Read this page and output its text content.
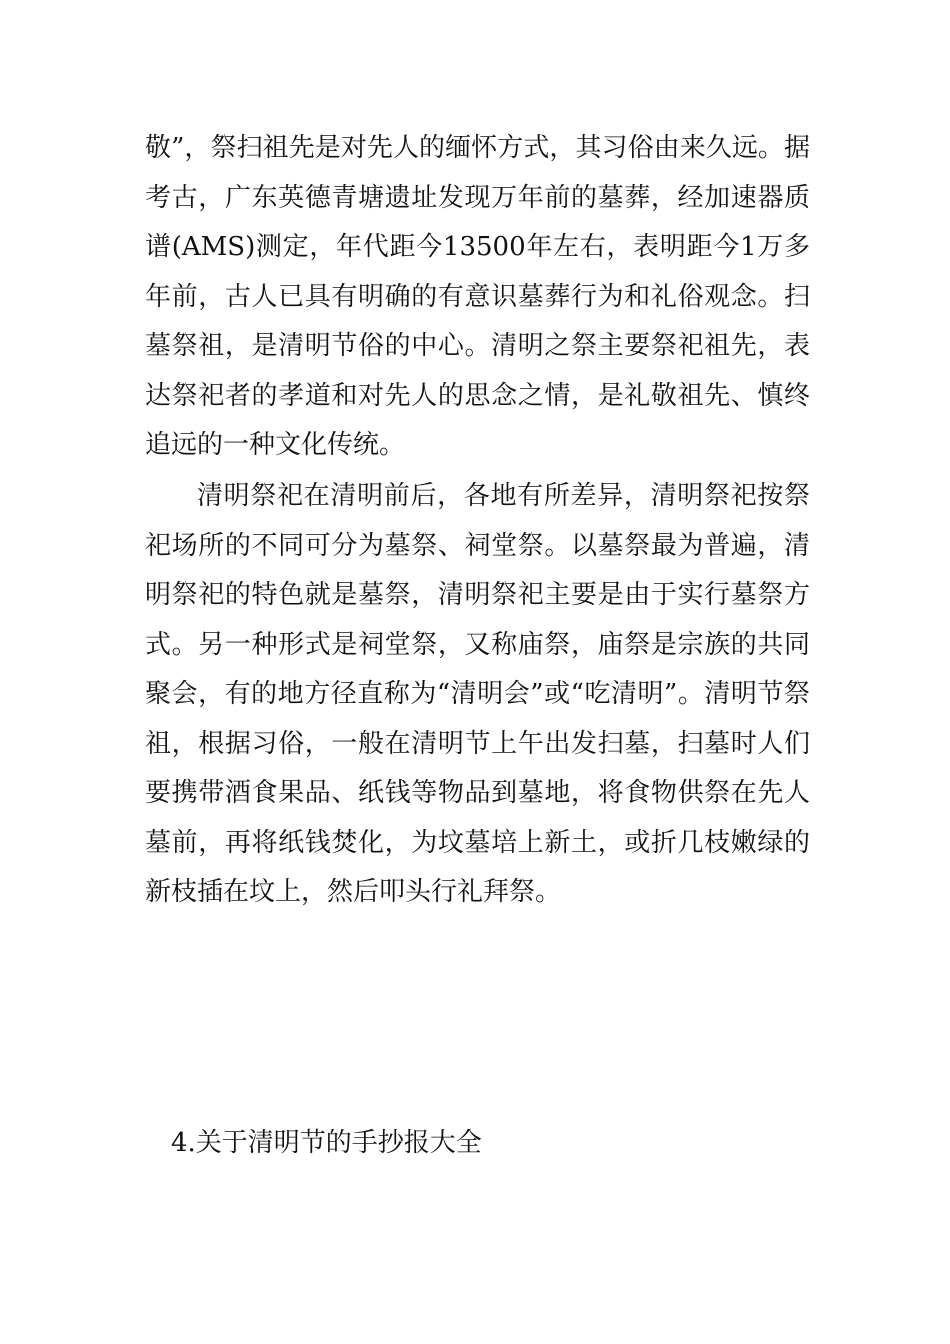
敬”，祭扫祖先是对先人的缅怀方式，其习俗由来久远。据考古，广东英德青塘遗址发现万年前的墓葬，经加速器质谱(AMS)测定，年代距今13500年左右，表明距今1万多年前，古人已具有明确的有意识墓葬行为和礼俗观念。扫墓祭祖，是清明节俗的中心。清明之祭主要祭祀祖先，表达祭祀者的孝道和对先人的思念之情，是礼敬祖先、慎终追远的一种文化传统。

清明祭祀在清明前后，各地有所差异，清明祭祀按祭祀场所的不同可分为墓祭、祠堂祭。以墓祭最为普遍，清明祭祀的特色就是墓祭，清明祭祀主要是由于实行墓祭方式。另一种形式是祠堂祭，又称庙祭，庙祭是宗族的共同聚会，有的地方径直称为“清明会”或“吃清明”。清明节祭祖，根据习俗，一般在清明节上午出发扫墓，扫墓时人们要携带酒食果品、纸钱等物品到墓地，将食物供祭在先人墓前，再将纸钱焚化，为坟墓培上新土，或折几枝嫩绿的新枝插在坟上，然后叩头行礼拜祭。

4.关于清明节的手抄报大全
